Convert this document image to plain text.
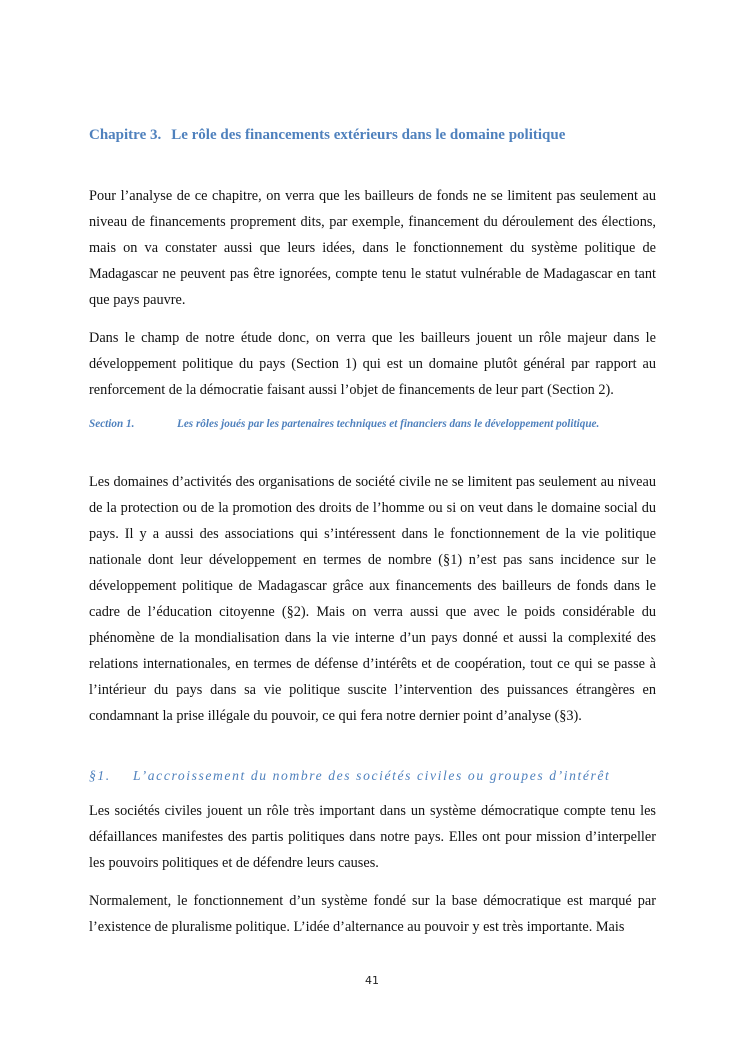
Chapitre 3. Le rôle des financements extérieurs dans le domaine politique

Pour l’analyse de ce chapitre, on verra que les bailleurs de fonds ne se limitent pas seulement au niveau de financements proprement dits, par exemple, financement du déroulement des élections, mais on va constater aussi que leurs idées, dans le fonctionnement du système politique de Madagascar ne peuvent pas être ignorées, compte tenu le statut vulnérable de Madagascar en tant que pays pauvre.

Dans le champ de notre étude donc, on verra que les bailleurs jouent un rôle majeur dans le développement politique du pays (Section 1) qui est un domaine plutôt général par rapport au renforcement de la démocratie faisant aussi l’objet de financements de leur part (Section 2).

Section 1.	Les rôles joués par les partenaires techniques et financiers dans le développement politique.

Les domaines d’activités des organisations de société civile ne se limitent pas seulement au niveau de la protection ou de la promotion des droits de l’homme ou si on veut dans le domaine social du pays. Il y a aussi des associations qui s’intéressent dans le fonctionnement de la vie politique nationale dont leur développement en termes de nombre (§1) n’est pas sans incidence sur le développement politique de Madagascar grâce aux financements des bailleurs de fonds dans le cadre de l’éducation citoyenne (§2). Mais on verra aussi que avec le poids considérable du phénomène de la mondialisation dans la vie interne d’un pays donné et aussi la complexité des relations internationales, en termes de défense d’intérêts et de coopération, tout ce qui se passe à l’intérieur du pays dans sa vie politique suscite l’intervention des puissances étrangères en condamnant la prise illégale du pouvoir, ce qui fera notre dernier point d’analyse (§3).

§1. L’accroissement du nombre des sociétés civiles ou groupes d’intérêt

Les sociétés civiles jouent un rôle très important dans un système démocratique compte tenu les défaillances manifestes des partis politiques dans notre pays. Elles ont pour mission d’interpeller les pouvoirs politiques et de défendre leurs causes.

Normalement, le fonctionnement d’un système fondé sur la base démocratique est marqué par l’existence de pluralisme politique. L’idée d’alternance au pouvoir y est très importante. Mais

41
